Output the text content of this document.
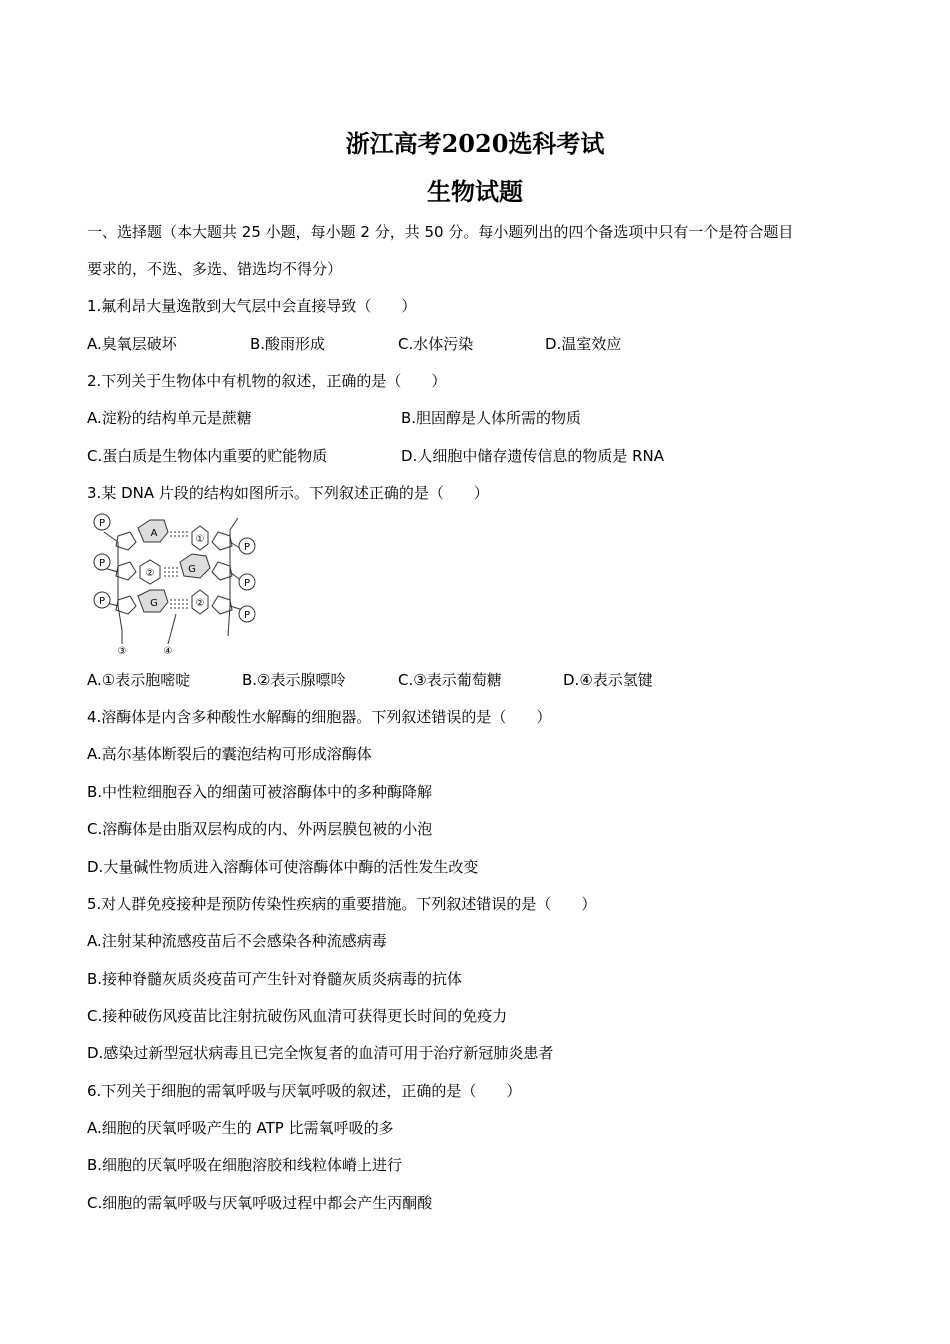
浙江高考2020选科考试
生物试题
一、选择题（本大题共 25 小题，每小题 2 分，共 50 分。每小题列出的四个备选项中只有一个是符合题目
要求的，不选、多选、错选均不得分）
1.氟利昂大量逸散到大气层中会直接导致（　　）
A.臭氧层破坏	B.酸雨形成	C.水体污染	D.温室效应
2.下列关于生物体中有机物的叙述，正确的是（　　）
A.淀粉的结构单元是蔗糖	B.胆固醇是人体所需的物质
C.蛋白质是生物体内重要的贮能物质	D.人细胞中储存遗传信息的物质是 RNA
3.某 DNA 片段的结构如图所示。下列叙述正确的是（　　）
P
P
P
P
P
P
A
①
②	G
G	②
③	④
A.①表示胞嘧啶	B.②表示腺嘌呤	C.③表示葡萄糖	D.④表示氢键
4.溶酶体是内含多种酸性水解酶的细胞器。下列叙述错误的是（　　）
A.高尔基体断裂后的囊泡结构可形成溶酶体
B.中性粒细胞吞入的细菌可被溶酶体中的多种酶降解
C.溶酶体是由脂双层构成的内、外两层膜包被的小泡
D.大量碱性物质进入溶酶体可使溶酶体中酶的活性发生改变
5.对人群免疫接种是预防传染性疾病的重要措施。下列叙述错误的是（　　）
A.注射某种流感疫苗后不会感染各种流感病毒
B.接种脊髓灰质炎疫苗可产生针对脊髓灰质炎病毒的抗体
C.接种破伤风疫苗比注射抗破伤风血清可获得更长时间的免疫力
D.感染过新型冠状病毒且已完全恢复者的血清可用于治疗新冠肺炎患者
6.下列关于细胞的需氧呼吸与厌氧呼吸的叙述，正确的是（　　）
A.细胞的厌氧呼吸产生的 ATP 比需氧呼吸的多
B.细胞的厌氧呼吸在细胞溶胶和线粒体嵴上进行
C.细胞的需氧呼吸与厌氧呼吸过程中都会产生丙酮酸
